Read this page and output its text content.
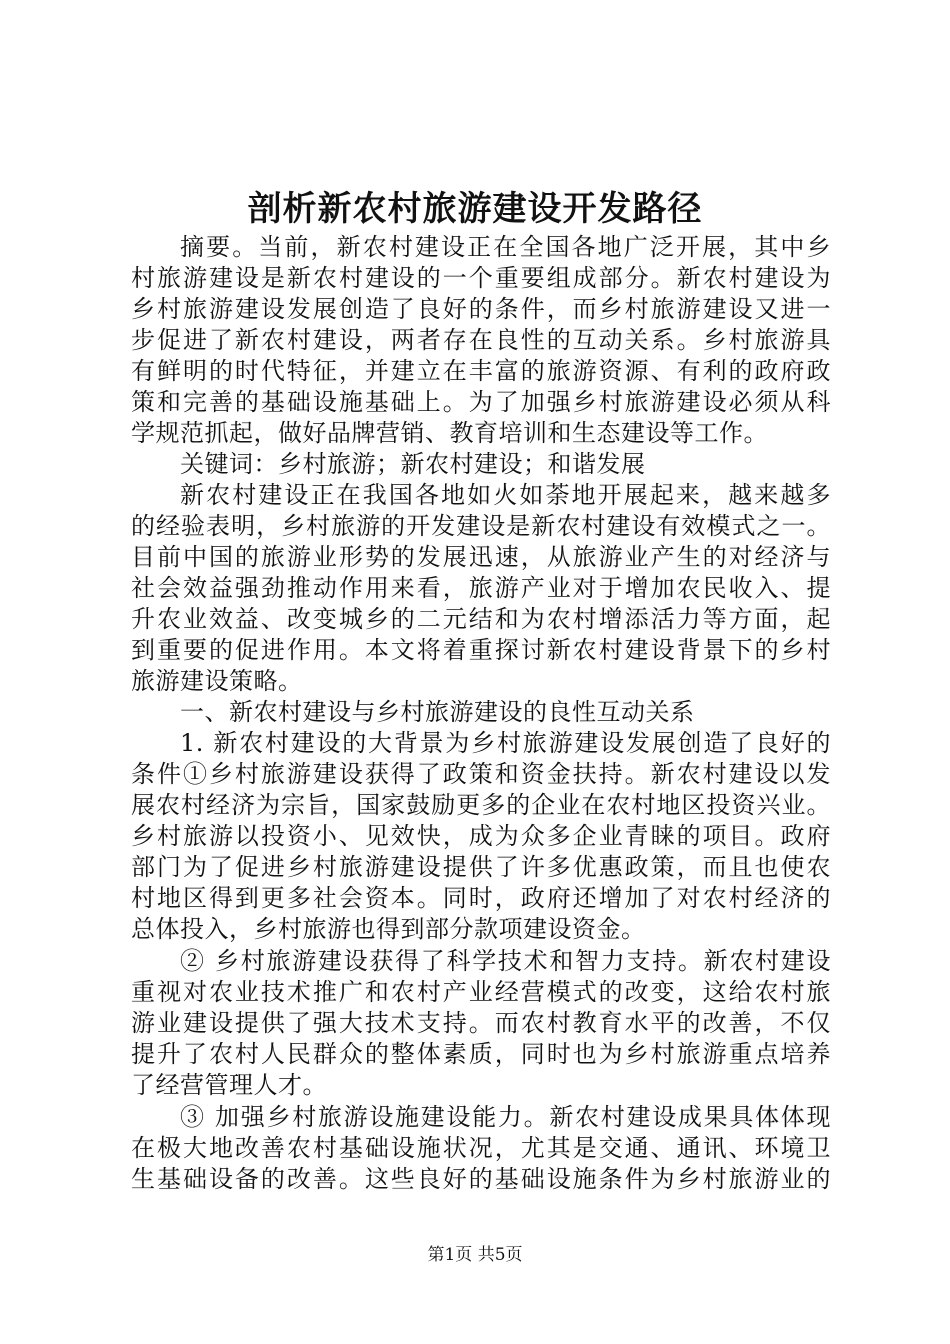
剖析新农村旅游建设开发路径
摘要。当前，新农村建设正在全国各地广泛开展，其中乡
村旅游建设是新农村建设的一个重要组成部分。新农村建设为
乡村旅游建设发展创造了良好的条件，而乡村旅游建设又进一
步促进了新农村建设，两者存在良性的互动关系。乡村旅游具
有鲜明的时代特征，并建立在丰富的旅游资源、有利的政府政
策和完善的基础设施基础上。为了加强乡村旅游建设必须从科
学规范抓起，做好品牌营销、教育培训和生态建设等工作。
关键词：乡村旅游；新农村建设；和谐发展
新农村建设正在我国各地如火如荼地开展起来，越来越多
的经验表明，乡村旅游的开发建设是新农村建设有效模式之一。
目前中国的旅游业形势的发展迅速，从旅游业产生的对经济与
社会效益强劲推动作用来看，旅游产业对于增加农民收入、提
升农业效益、改变城乡的二元结和为农村增添活力等方面，起
到重要的促进作用。本文将着重探讨新农村建设背景下的乡村
旅游建设策略。
一、新农村建设与乡村旅游建设的良性互动关系
1. 新农村建设的大背景为乡村旅游建设发展创造了良好的
条件①乡村旅游建设获得了政策和资金扶持。新农村建设以发
展农村经济为宗旨，国家鼓励更多的企业在农村地区投资兴业。
乡村旅游以投资小、见效快，成为众多企业青睐的项目。政府
部门为了促进乡村旅游建设提供了许多优惠政策，而且也使农
村地区得到更多社会资本。同时，政府还增加了对农村经济的
总体投入，乡村旅游也得到部分款项建设资金。
② 乡村旅游建设获得了科学技术和智力支持。新农村建设
重视对农业技术推广和农村产业经营模式的改变，这给农村旅
游业建设提供了强大技术支持。而农村教育水平的改善，不仅
提升了农村人民群众的整体素质，同时也为乡村旅游重点培养
了经营管理人才。
③ 加强乡村旅游设施建设能力。新农村建设成果具体体现
在极大地改善农村基础设施状况，尤其是交通、通讯、环境卫
生基础设备的改善。这些良好的基础设施条件为乡村旅游业的
第1页 共5页
